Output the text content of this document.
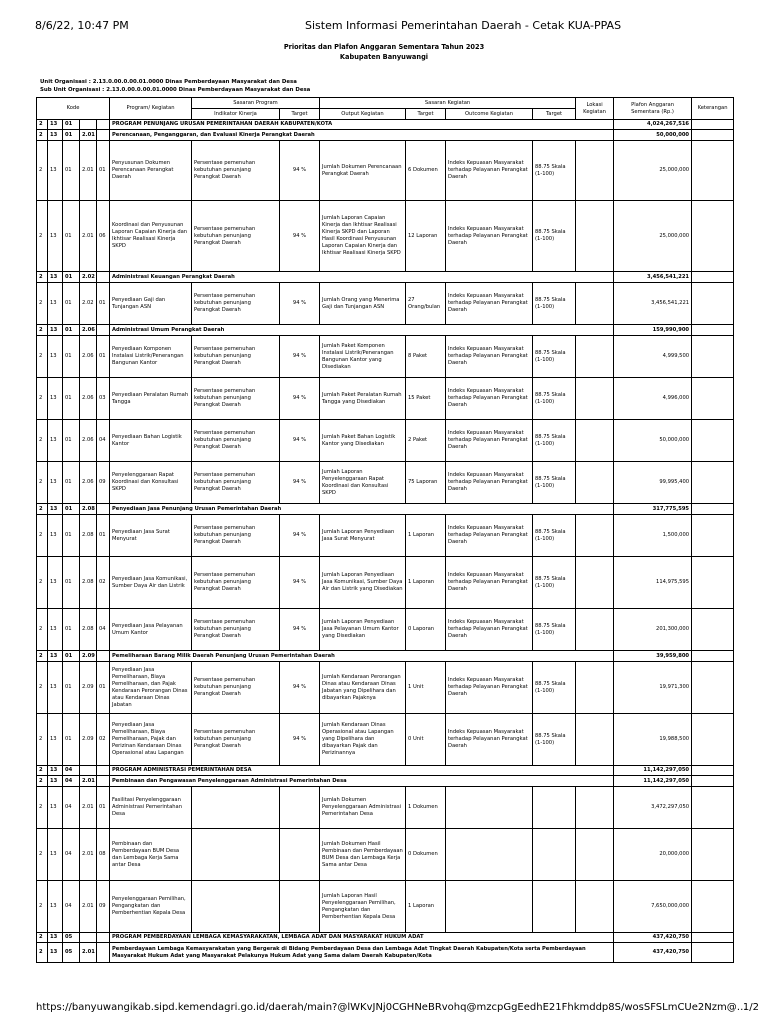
8/6/22, 10:47 PM	Sistem Informasi Pemerintahan Daerah - Cetak KUA-PPAS
Prioritas dan Plafon Anggaran Sementara Tahun 2023
Kabupaten Banyuwangi
Unit Organisasi : 2.13.0.00.0.00.01.0000 Dinas Pemberdayaan Masyarakat dan Desa
Sub Unit Organisasi : 2.13.0.00.0.00.01.0000 Dinas Pemberdayaan Masyarakat dan Desa
Kode					Program/ Kegiatan	Sasaran Program		Sasaran Kegiatan				Lokasi Kegiatan	Plafon Anggaran Sementara (Rp.)	Keterangan
						Indikator Kinerja	Target	Output Kegiatan	Target	Outcome Kegiatan	Target			
2	13	01			PROGRAM PENUNJANG URUSAN PEMERINTAHAN DAERAH KABUPATEN/KOTA								4,024,267,516	
2	13	01	2.01		Perencanaan, Penganggaran, dan Evaluasi Kinerja Perangkat Daerah								50,000,000	
2	13	01	2.01	01	Penyusunan Dokumen Perencanaan Perangkat Daerah	Persentase pemenuhan kebutuhan penunjang Perangkat Daerah	94 %	Jumlah Dokumen Perencanaan Perangkat Daerah	6 Dokumen	Indeks Kepuasan Masyarakat terhadap Pelayanan Perangkat Daerah	88.75 Skala (1-100)		25,000,000	
2	13	01	2.01	06	Koordinasi dan Penyusunan Laporan Capaian Kinerja dan Ikhtisar Realisasi Kinerja SKPD	Persentase pemenuhan kebutuhan penunjang Perangkat Daerah	94 %	Jumlah Laporan Capaian Kinerja dan Ikhtisar Realisasi Kinerja SKPD dan Laporan Hasil Koordinasi Penyusunan Laporan Capaian Kinerja dan Ikhtisar Realisasi Kinerja SKPD	12 Laporan	Indeks Kepuasan Masyarakat terhadap Pelayanan Perangkat Daerah	88.75 Skala (1-100)		25,000,000	
2	13	01	2.02		Administrasi Keuangan Perangkat Daerah								3,456,541,221	
2	13	01	2.02	01	Penyediaan Gaji dan Tunjangan ASN	Persentase pemenuhan kebutuhan penunjang Perangkat Daerah	94 %	Jumlah Orang yang Menerima Gaji dan Tunjangan ASN	27 Orang/bulan	Indeks Kepuasan Masyarakat terhadap Pelayanan Perangkat Daerah	88.75 Skala (1-100)		3,456,541,221	
2	13	01	2.06		Administrasi Umum Perangkat Daerah								159,990,900	
2	13	01	2.06	01	Penyediaan Komponen Instalasi Listrik/Penerangan Bangunan Kantor	Persentase pemenuhan kebutuhan penunjang Perangkat Daerah	94 %	Jumlah Paket Komponen Instalasi Listrik/Penerangan Bangunan Kantor yang Disediakan	8 Paket	Indeks Kepuasan Masyarakat terhadap Pelayanan Perangkat Daerah	88.75 Skala (1-100)		4,999,500	
2	13	01	2.06	03	Penyediaan Peralatan Rumah Tangga	Persentase pemenuhan kebutuhan penunjang Perangkat Daerah	94 %	Jumlah Paket Peralatan Rumah Tangga yang Disediakan	15 Paket	Indeks Kepuasan Masyarakat terhadap Pelayanan Perangkat Daerah	88.75 Skala (1-100)		4,996,000	
2	13	01	2.06	04	Penyediaan Bahan Logistik Kantor	Persentase pemenuhan kebutuhan penunjang Perangkat Daerah	94 %	Jumlah Paket Bahan Logistik Kantor yang Disediakan	2 Paket	Indeks Kepuasan Masyarakat terhadap Pelayanan Perangkat Daerah	88.75 Skala (1-100)		50,000,000	
2	13	01	2.06	09	Penyelenggaraan Rapat Koordinasi dan Konsultasi SKPD	Persentase pemenuhan kebutuhan penunjang Perangkat Daerah	94 %	Jumlah Laporan Penyelenggaraan Rapat Koordinasi dan Konsultasi SKPD	75 Laporan	Indeks Kepuasan Masyarakat terhadap Pelayanan Perangkat Daerah	88.75 Skala (1-100)		99,995,400	
2	13	01	2.08		Penyediaan Jasa Penunjang Urusan Pemerintahan Daerah								317,775,595	
2	13	01	2.08	01	Penyediaan Jasa Surat Menyurat	Persentase pemenuhan kebutuhan penunjang Perangkat Daerah	94 %	Jumlah Laporan Penyediaan Jasa Surat Menyurat	1 Laporan	Indeks Kepuasan Masyarakat terhadap Pelayanan Perangkat Daerah	88.75 Skala (1-100)		1,500,000	
2	13	01	2.08	02	Penyediaan Jasa Komunikasi, Sumber Daya Air dan Listrik	Persentase pemenuhan kebutuhan penunjang Perangkat Daerah	94 %	Jumlah Laporan Penyediaan Jasa Komunikasi, Sumber Daya Air dan Listrik yang Disediakan	1 Laporan	Indeks Kepuasan Masyarakat terhadap Pelayanan Perangkat Daerah	88.75 Skala (1-100)		114,975,595	
2	13	01	2.08	04	Penyediaan Jasa Pelayanan Umum Kantor	Persentase pemenuhan kebutuhan penunjang Perangkat Daerah	94 %	Jumlah Laporan Penyediaan Jasa Pelayanan Umum Kantor yang Disediakan	0 Laporan	Indeks Kepuasan Masyarakat terhadap Pelayanan Perangkat Daerah	88.75 Skala (1-100)		201,300,000	
2	13	01	2.09		Pemeliharaan Barang Milik Daerah Penunjang Urusan Pemerintahan Daerah								39,959,800	
2	13	01	2.09	01	Penyediaan Jasa Pemeliharaan, Biaya Pemeliharaan, dan Pajak Kendaraan Perorangan Dinas atau Kendaraan Dinas Jabatan	Persentase pemenuhan kebutuhan penunjang Perangkat Daerah	94 %	Jumlah Kendaraan Perorangan Dinas atau Kendaraan Dinas Jabatan yang Dipelihara dan dibayarkan Pajaknya	1 Unit	Indeks Kepuasan Masyarakat terhadap Pelayanan Perangkat Daerah	88.75 Skala (1-100)		19,971,300	
2	13	01	2.09	02	Penyediaan Jasa Pemeliharaan, Biaya Pemeliharaan, Pajak dan Perizinan Kendaraan Dinas Operasional atau Lapangan	Persentase pemenuhan kebutuhan penunjang Perangkat Daerah	94 %	Jumlah Kendaraan Dinas Operasional atau Lapangan yang Dipelihara dan dibayarkan Pajak dan Perizinannya	0 Unit	Indeks Kepuasan Masyarakat terhadap Pelayanan Perangkat Daerah	88.75 Skala (1-100)		19,988,500	
2	13	04			PROGRAM ADMINISTRASI PEMERINTAHAN DESA								11,142,297,050	
2	13	04	2.01		Pembinaan dan Pengawasan Penyelenggaraan Administrasi Pemerintahan Desa								11,142,297,050	
2	13	04	2.01	01	Fasilitasi Penyelenggaraan Administrasi Pemerintahan Desa			Jumlah Dokumen Penyelenggaraan Administrasi Pemerintahan Desa	1 Dokumen				3,472,297,050	
2	13	04	2.01	08	Pembinaan dan Pemberdayaan BUM Desa dan Lembaga Kerja Sama antar Desa			Jumlah Dokumen Hasil Pembinaan dan Pemberdayaan BUM Desa dan Lembaga Kerja Sama antar Desa	0 Dokumen				20,000,000	
2	13	04	2.01	09	Penyelenggaraan Pemilihan, Pengangkatan dan Pemberhentian Kepala Desa			Jumlah Laporan Hasil Penyelenggaraan Pemilihan, Pengangkatan dan Pemberhentian Kepala Desa	1 Laporan				7,650,000,000	
2	13	05			PROGRAM PEMBERDAYAAN LEMBAGA KEMASYARAKATAN, LEMBAGA ADAT DAN MASYARAKAT HUKUM ADAT								437,420,750	
2	13	05	2.01		Pemberdayaan Lembaga Kemasyarakatan yang Bergerak di Bidang Pemberdayaan Desa dan Lembaga Adat Tingkat Daerah Kabupaten/Kota serta Pemberdayaan Masyarakat Hukum Adat yang Masyarakat Pelakunya Hukum Adat yang Sama dalam Daerah Kabupaten/Kota								437,420,750	
https://banyuwangikab.sipd.kemendagri.go.id/daerah/main?@lWKvJNj0CGHNeBRvohq@mzcpGgEedhE21Fhkmddp8S/wosSFSLmCUe2Nzm@…
1/2
